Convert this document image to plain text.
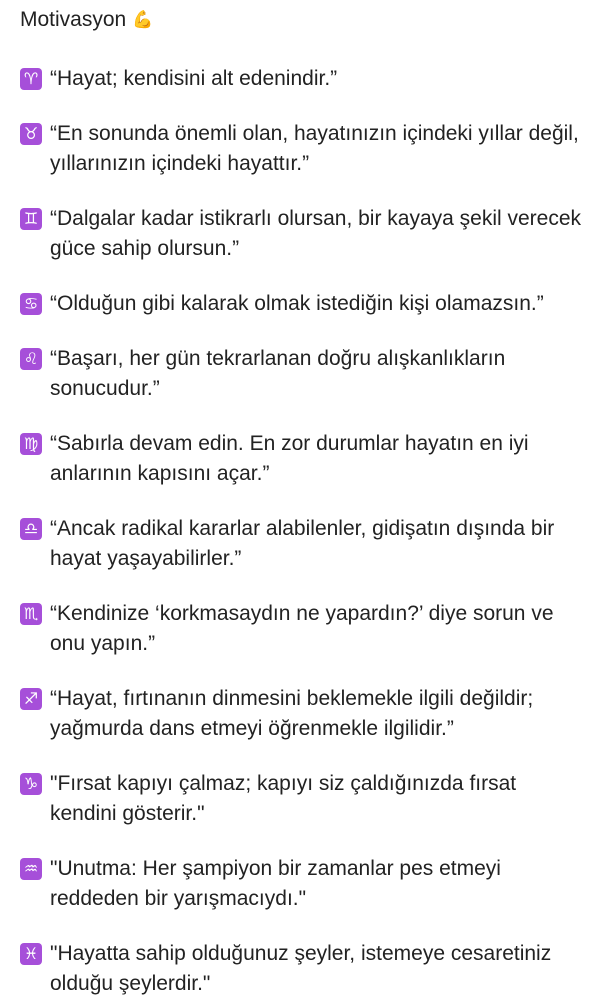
Motivasyon 💪
♈ “Hayat; kendisini alt edenindir.”
♉ “En sonunda önemli olan, hayatınızın içindeki yıllar değil, yıllarınızın içindeki hayattır.”
♊ “Dalgalar kadar istikrarlı olursan, bir kayaya şekil verecek güce sahip olursun.”
♋ “Olduğun gibi kalarak olmak istediğin kişi olamazsın.”
♌ “Başarı, her gün tekrarlanan doğru alışkanlıkların sonucudur.”
♍ “Sabırla devam edin. En zor durumlar hayatın en iyi anlarının kapısını açar.”
♎ “Ancak radikal kararlar alabilenler, gidişatın dışında bir hayat yaşayabilirler.”
♏ “Kendinize ‘korkmasaydın ne yapardın?’ diye sorun ve onu yapın.”
♐ “Hayat, fırtınanın dinmesini beklemekle ilgili değildir; yağmurda dans etmeyi öğrenmekle ilgilidir.”
♑ "Fırsat kapıyı çalmaz; kapıyı siz çaldığınızda fırsat kendini gösterir."
♒ "Unutma: Her şampiyon bir zamanlar pes etmeyi reddeden bir yarışmacıydı."
♓ "Hayatta sahip olduğunuz şeyler, istemeye cesaretiniz olduğu şeylerdir."
